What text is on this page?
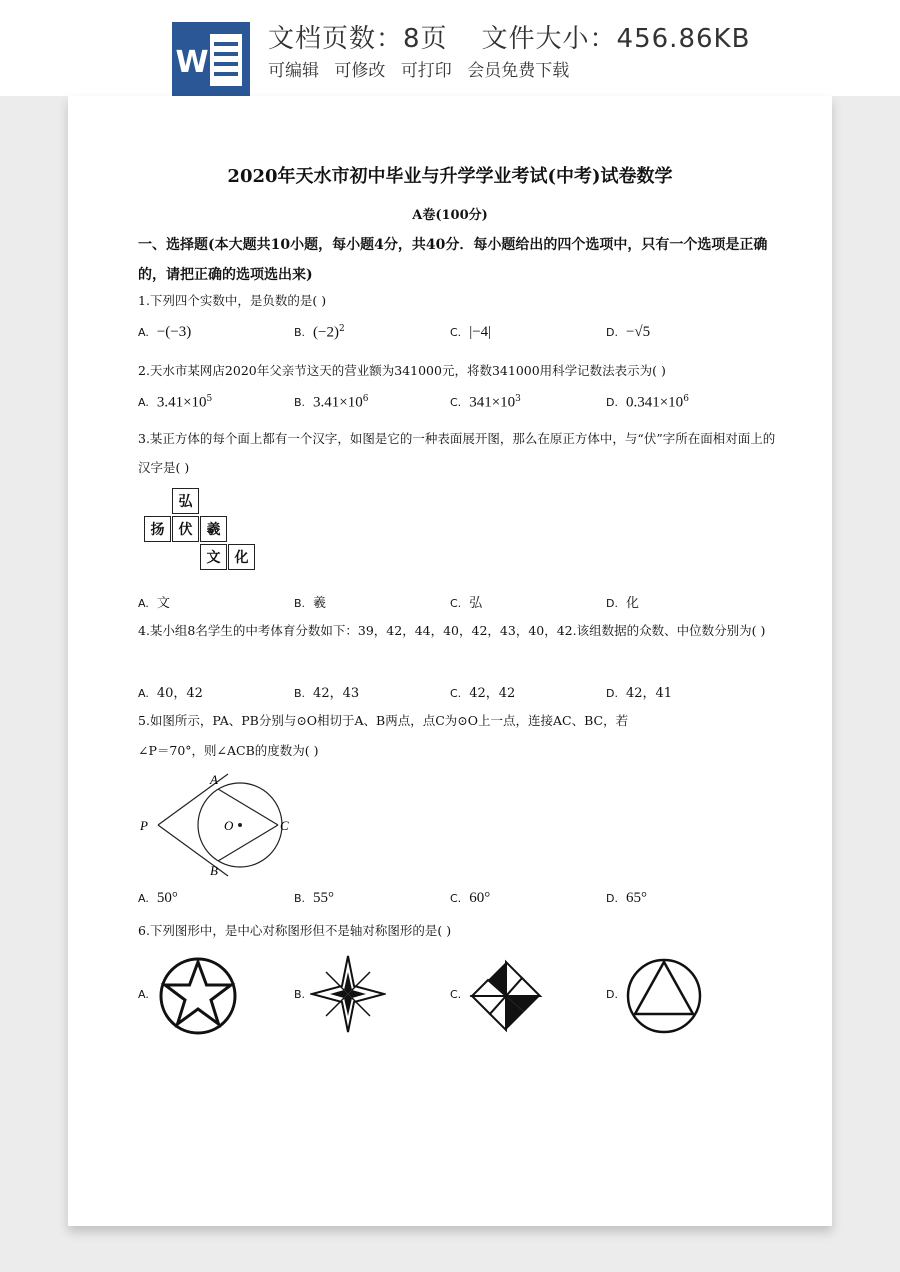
W
文档页数：8页 文件大小：456.86KB
可编辑 可修改 可打印 会员免费下载
2020年天水市初中毕业与升学学业考试(中考)试卷数学
A卷(100分)
一、选择题(本大题共10小题，每小题4分，共40分．每小题给出的四个选项中，只有一个选项是正确的，请把正确的选项选出来)
1.下列四个实数中，是负数的是( )
A. −(−3)	B. $(-2)^2$	C. |−4|	D. −√5
2.天水市某网店2020年父亲节这天的营业额为341000元，将数341000用科学记数法表示为( )
A. $3.41\times 10^5$	B. $3.41\times 10^6$	C. $341\times 10^3$	D. $0.341\times 10^6$
3.某正方体的每个面上都有一个汉字，如图是它的一种表面展开图，那么在原正方体中，与“伏”字所在面相对面上的汉字是( )
弘
扬	伏	羲
文	化
A. 文	B. 羲	C. 弘	D. 化
4.某小组8名学生的中考体育分数如下：39，42，44，40，42，43，40，42.该组数据的众数、中位数分别为( )
A. 40，42	B. 42，43	C. 42，42	D. 42，41
5.如图所示，PA、PB分别与⊙O相切于A、B两点，点C为⊙O上一点，连接AC、BC，若
∠P＝70°，则∠ACB的度数为( )
P
A
B
C
O
A. 50°	B. 55°	C. 60°	D. 65°
6.下列图形中，是中心对称图形但不是轴对称图形的是( )
A.	B.	C.	D.
